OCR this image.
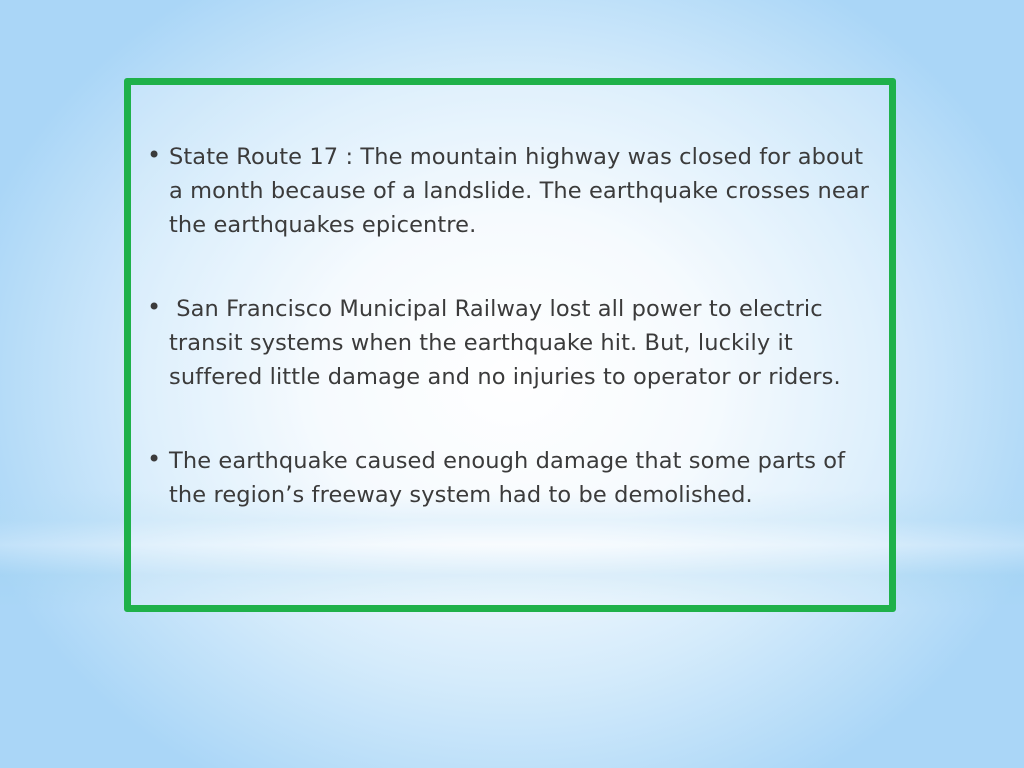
• State Route 17 : The mountain highway was closed for about a month because of a landslide. The earthquake crosses near the earthquakes epicentre.
• San Francisco Municipal Railway lost all power to electric transit systems when the earthquake hit. But, luckily it suffered little damage and no injuries to operator or riders.
• The earthquake caused enough damage that some parts of the region’s freeway system had to be demolished.
